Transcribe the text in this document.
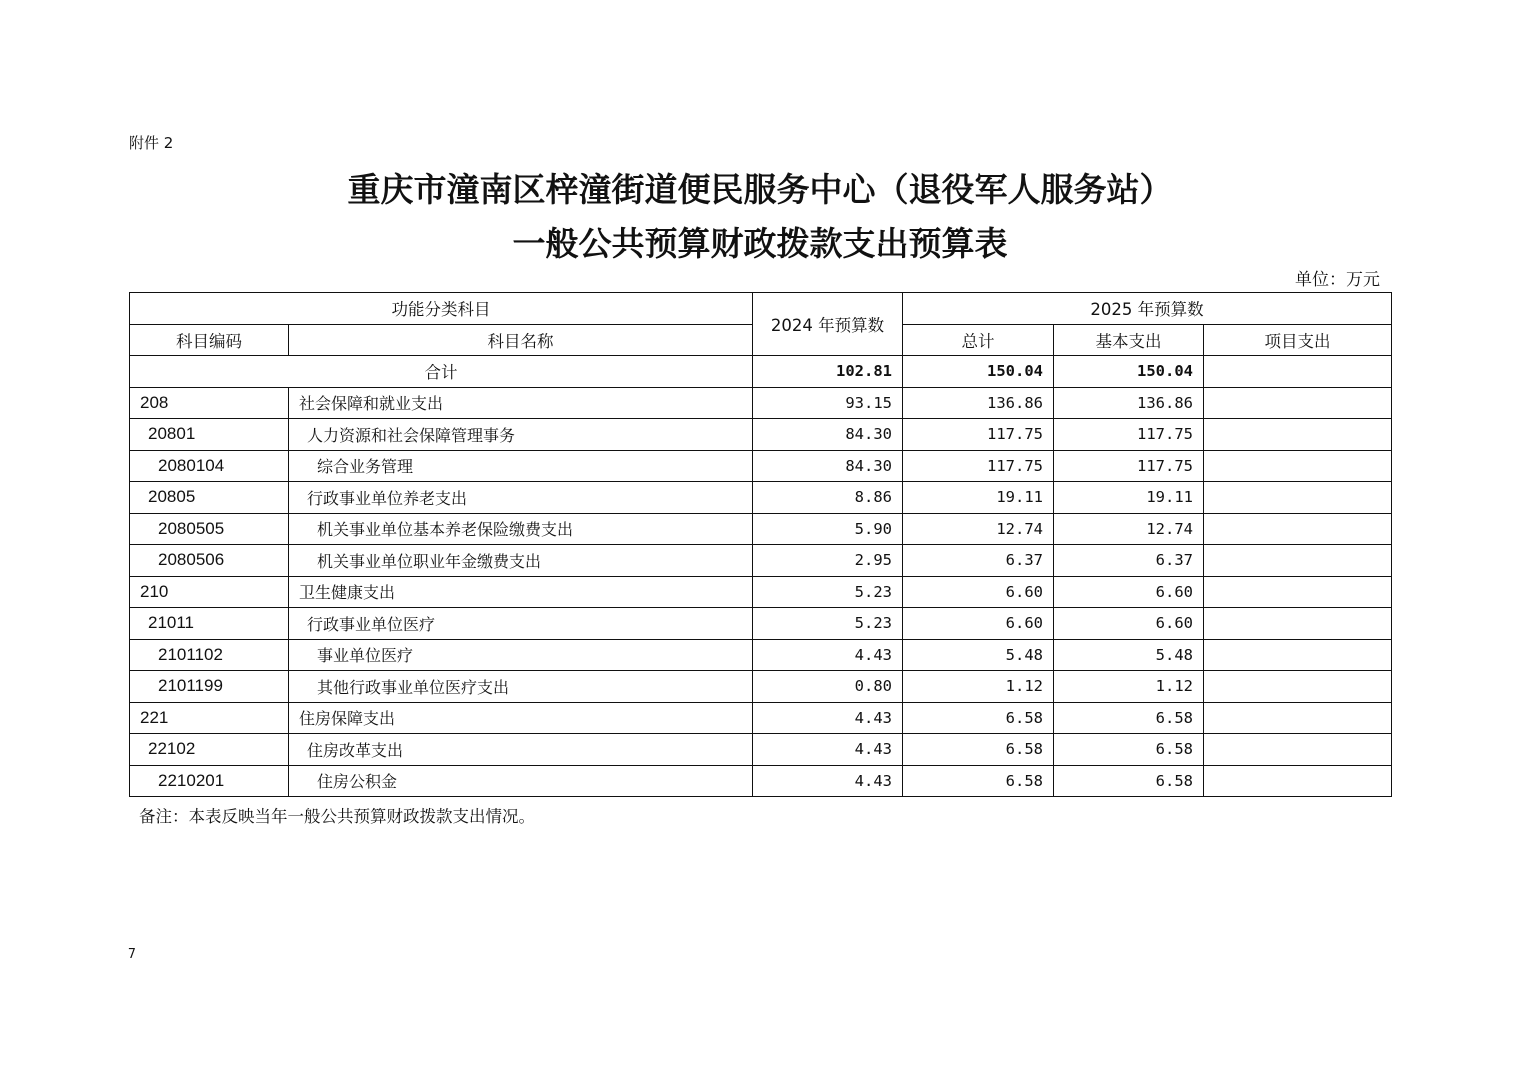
附件 2
重庆市潼南区梓潼街道便民服务中心（退役军人服务站）
一般公共预算财政拨款支出预算表
单位：万元
功能分类科目		2024 年预算数	2025 年预算数		
科目编码	科目名称		总计	基本支出	项目支出
合计		102.81	150.04	150.04	
208	社会保障和就业支出	93.15	136.86	136.86	
20801	人力资源和社会保障管理事务	84.30	117.75	117.75	
2080104	综合业务管理	84.30	117.75	117.75	
20805	行政事业单位养老支出	8.86	19.11	19.11	
2080505	机关事业单位基本养老保险缴费支出	5.90	12.74	12.74	
2080506	机关事业单位职业年金缴费支出	2.95	6.37	6.37	
210	卫生健康支出	5.23	6.60	6.60	
21011	行政事业单位医疗	5.23	6.60	6.60	
2101102	事业单位医疗	4.43	5.48	5.48	
2101199	其他行政事业单位医疗支出	0.80	1.12	1.12	
221	住房保障支出	4.43	6.58	6.58	
22102	住房改革支出	4.43	6.58	6.58	
2210201	住房公积金	4.43	6.58	6.58	
备注：本表反映当年一般公共预算财政拨款支出情况。
7
